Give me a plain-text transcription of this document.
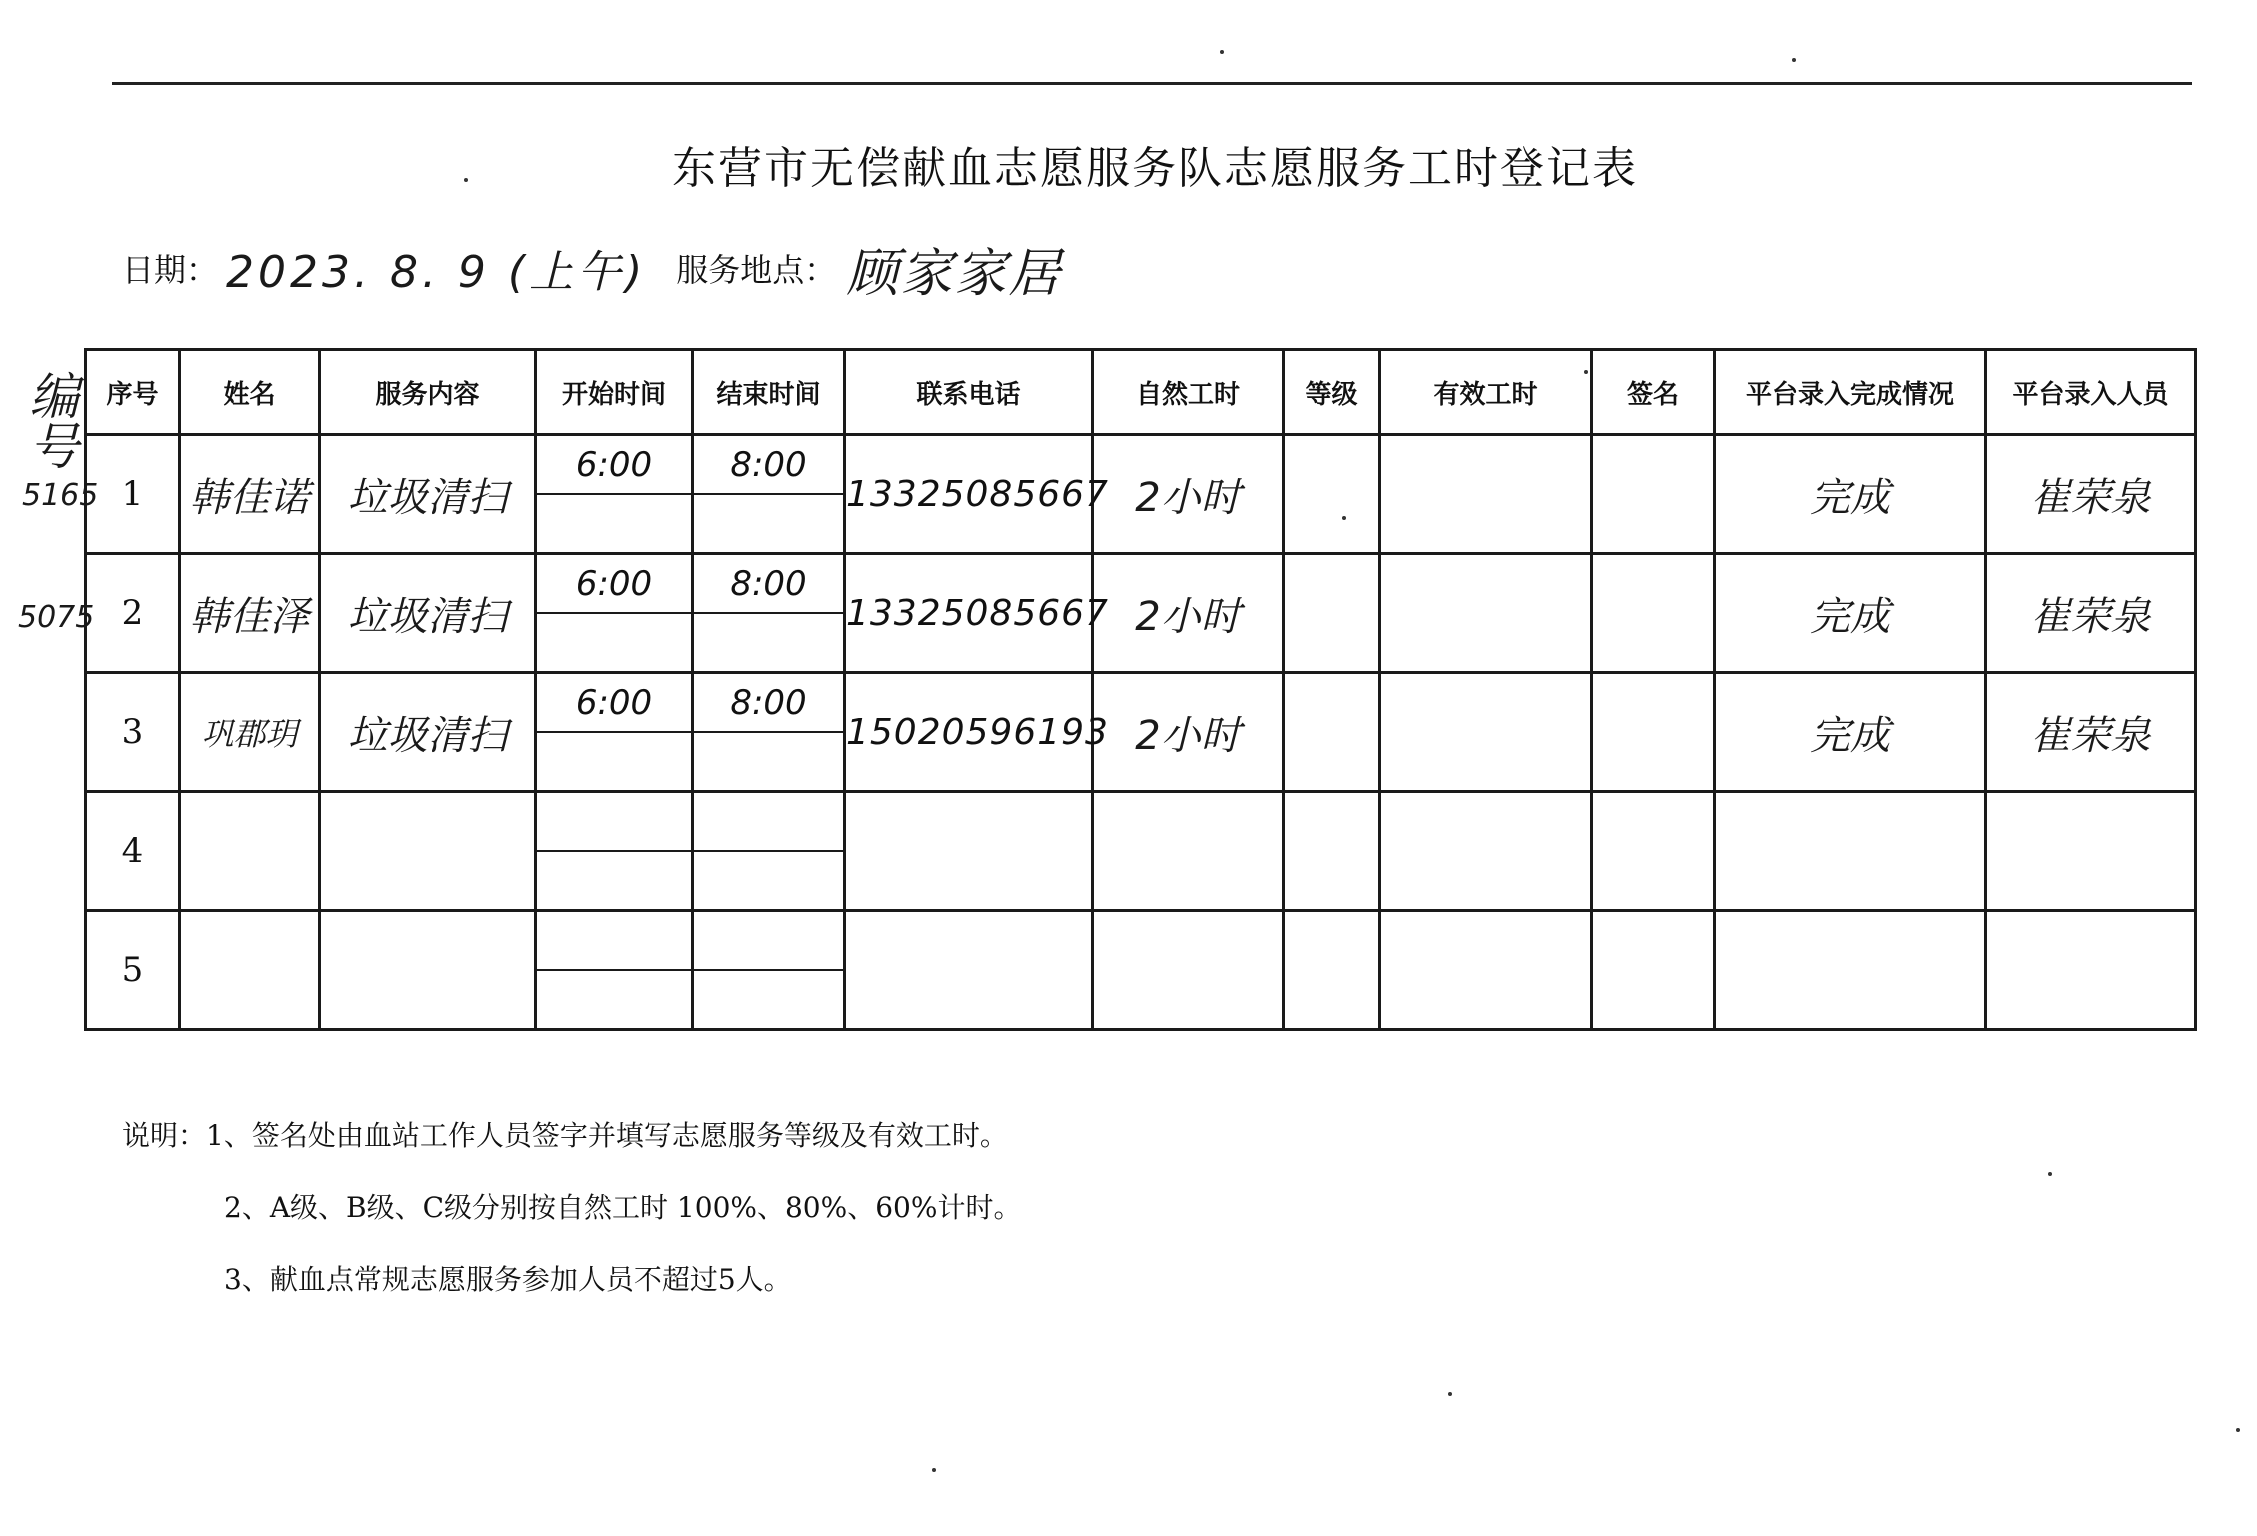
东营市无偿献血志愿服务队志愿服务工时登记表
日期： 2023. 8. 9 (上午) 服务地点： 顾家家居
编号
5165
5075
序号	姓名	服务内容	开始时间	结束时间	联系电话	自然工时	等级	有效工时	签名	平台录入完成情况	平台录入人员
1	韩佳诺	垃圾清扫	6:00	8:00	13325085667	2小时				完成	崔荣泉
2	韩佳泽	垃圾清扫	6:00	8:00	13325085667	2小时				完成	崔荣泉
3	巩郡玥	垃圾清扫	6:00	8:00	15020596193	2小时				完成	崔荣泉
4			

5			

说明：1、签名处由血站工作人员签字并填写志愿服务等级及有效工时。
2、A级、B级、C级分别按自然工时 100%、80%、60%计时。
3、献血点常规志愿服务参加人员不超过5人。
